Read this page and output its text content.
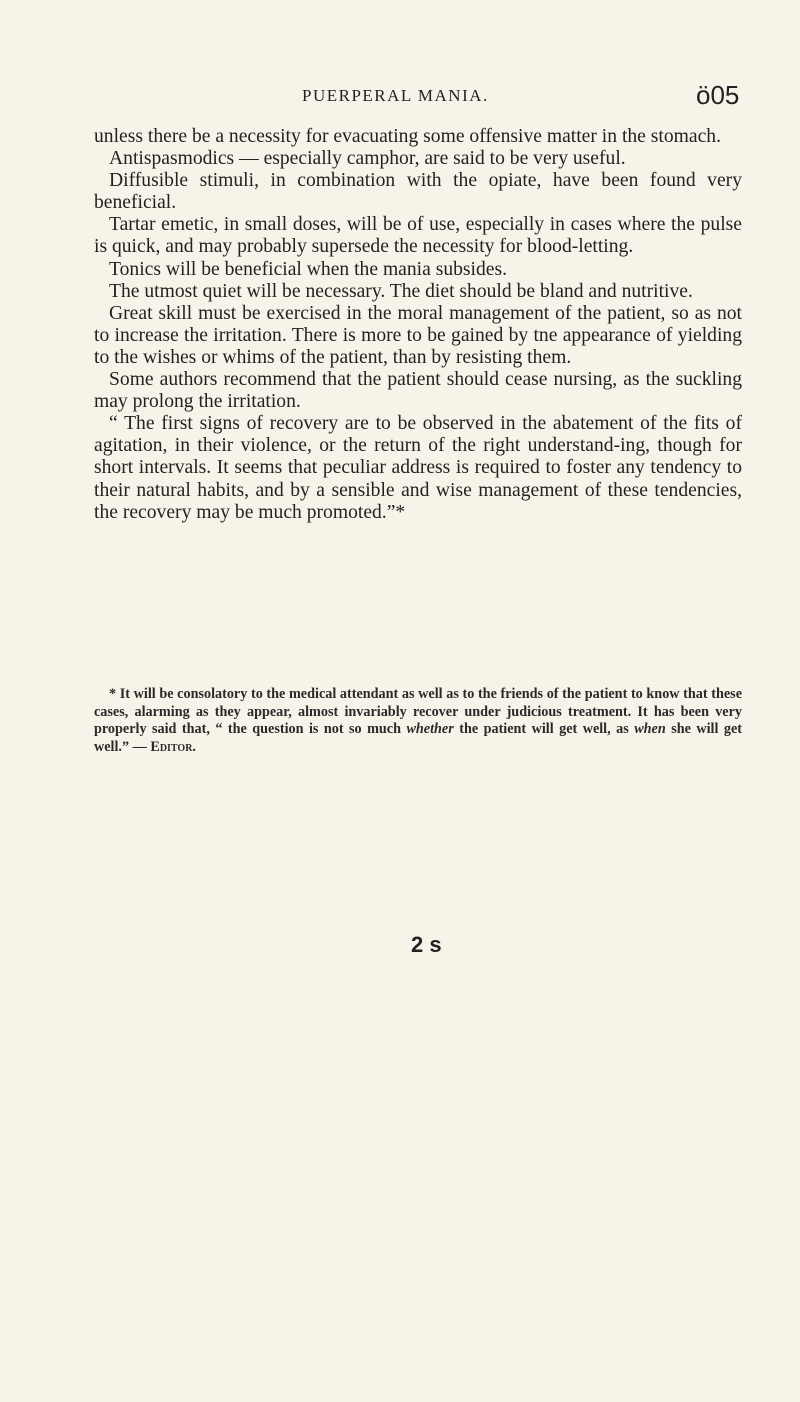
PUERPERAL MANIA.	ö05

unless there be a necessity for evacuating some offensive matter in the stomach.

Antispasmodics — especially camphor, are said to be very useful.

Diffusible stimuli, in combination with the opiate, have been found very beneficial.

Tartar emetic, in small doses, will be of use, especially in cases where the pulse is quick, and may probably supersede the necessity for blood-letting.

Tonics will be beneficial when the mania subsides.

The utmost quiet will be necessary. The diet should be bland and nutritive.

Great skill must be exercised in the moral management of the patient, so as not to increase the irritation. There is more to be gained by tne appearance of yielding to the wishes or whims of the patient, than by resisting them.

Some authors recommend that the patient should cease nursing, as the suckling may prolong the irritation.

“ The first signs of recovery are to be observed in the abatement of the fits of agitation, in their violence, or the return of the right understand-ing, though for short intervals. It seems that peculiar address is required to foster any tendency to their natural habits, and by a sensible and wise management of these tendencies, the recovery may be much promoted.”*

* It will be consolatory to the medical attendant as well as to the friends of the patient to know that these cases, alarming as they appear, almost invariably recover under judicious treatment. It has been very properly said that, “ the question is not so much whether the patient will get well, as when she will get well.” — Editor.

2 s
